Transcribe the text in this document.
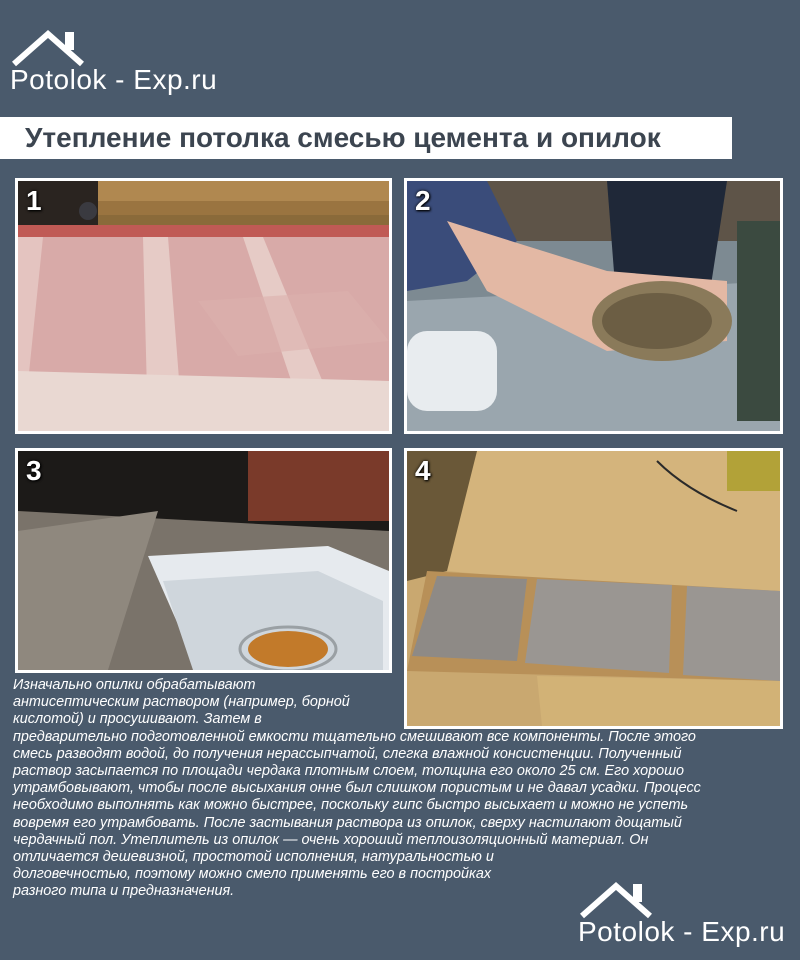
Potolok - Exp.ru
Утепление потолка смесью цемента и опилок
1	2
3	4
Изначально опилки обрабатывают
антисептическим раствором (например, борной
кислотой) и просушивают. Затем в
предварительно подготовленной емкости тщательно смешивают все компоненты. После этого
смесь разводят водой, до получения нерассыпчатой, слегка влажной консистенции. Полученный
раствор засыпается по площади чердака плотным слоем, толщина его около 25 см. Его хорошо
утрамбовывают, чтобы после высыхания онне был слишком пористым и не давал усадки. Процесс
необходимо выполнять как можно быстрее, поскольку гипс быстро высыхает и можно не успеть
вовремя его утрамбовать. После застывания раствора из опилок, сверху настилают дощатый
чердачный пол. Утеплитель из опилок — очень хороший теплоизоляционный материал. Он
отличается дешевизной, простотой исполнения, натуральностью и
долговечностью, поэтому можно смело применять его в постройках
разного типа и предназначения.
Potolok - Exp.ru
